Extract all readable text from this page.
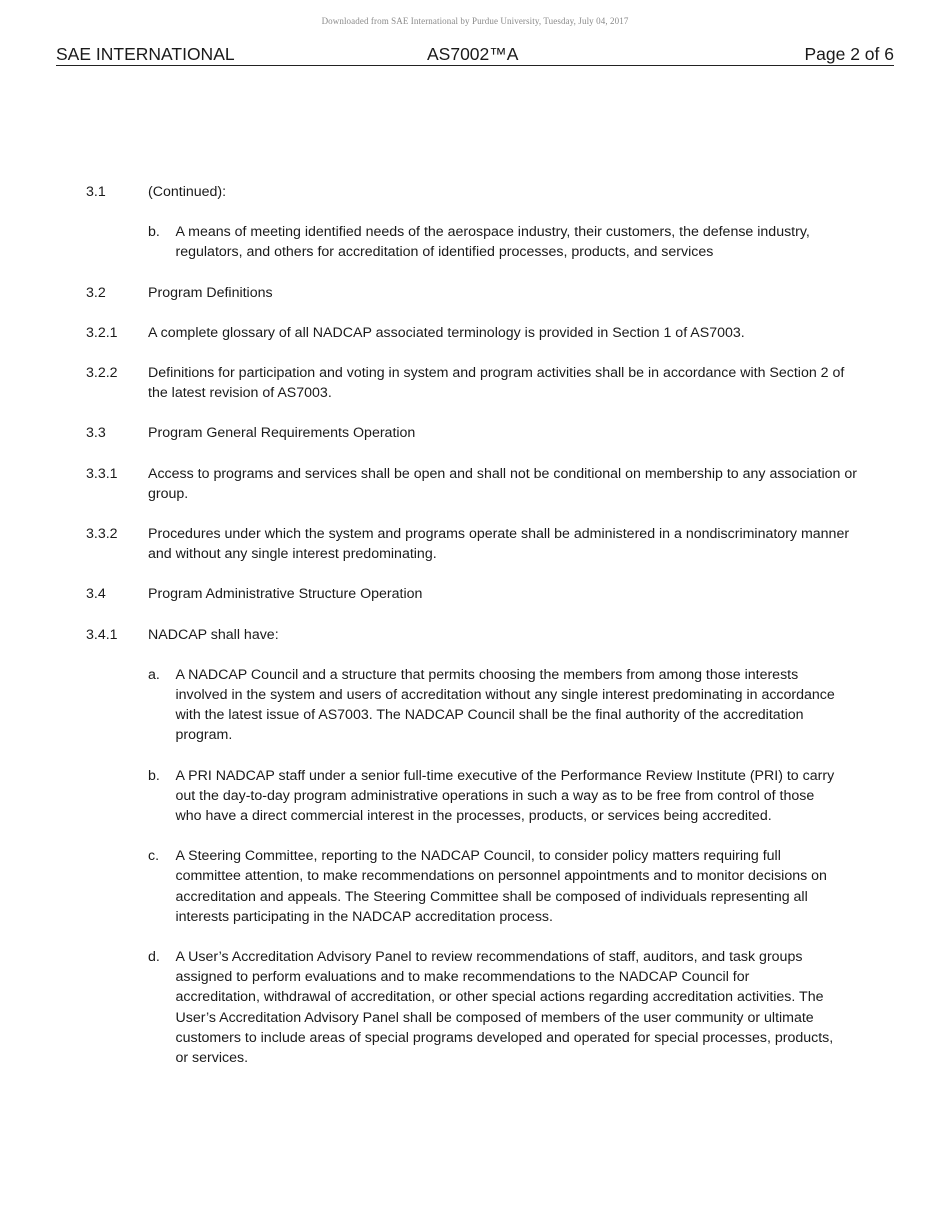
Downloaded from SAE International by Purdue University, Tuesday, July 04, 2017
SAE INTERNATIONAL	AS7002™A	Page 2 of 6
3.1	(Continued):
b. A means of meeting identified needs of the aerospace industry, their customers, the defense industry, regulators, and others for accreditation of identified processes, products, and services
3.2	Program Definitions
3.2.1 A complete glossary of all NADCAP associated terminology is provided in Section 1 of AS7003.
3.2.2 Definitions for participation and voting in system and program activities shall be in accordance with Section 2 of the latest revision of AS7003.
3.3	Program General Requirements Operation
3.3.1 Access to programs and services shall be open and shall not be conditional on membership to any association or group.
3.3.2 Procedures under which the system and programs operate shall be administered in a nondiscriminatory manner and without any single interest predominating.
3.4	Program Administrative Structure Operation
3.4.1 NADCAP shall have:
a. A NADCAP Council and a structure that permits choosing the members from among those interests involved in the system and users of accreditation without any single interest predominating in accordance with the latest issue of AS7003. The NADCAP Council shall be the final authority of the accreditation program.
b. A PRI NADCAP staff under a senior full-time executive of the Performance Review Institute (PRI) to carry out the day-to-day program administrative operations in such a way as to be free from control of those who have a direct commercial interest in the processes, products, or services being accredited.
c. A Steering Committee, reporting to the NADCAP Council, to consider policy matters requiring full committee attention, to make recommendations on personnel appointments and to monitor decisions on accreditation and appeals. The Steering Committee shall be composed of individuals representing all interests participating in the NADCAP accreditation process.
d. A User’s Accreditation Advisory Panel to review recommendations of staff, auditors, and task groups assigned to perform evaluations and to make recommendations to the NADCAP Council for accreditation, withdrawal of accreditation, or other special actions regarding accreditation activities. The User’s Accreditation Advisory Panel shall be composed of members of the user community or ultimate customers to include areas of special programs developed and operated for special processes, products, or services.
